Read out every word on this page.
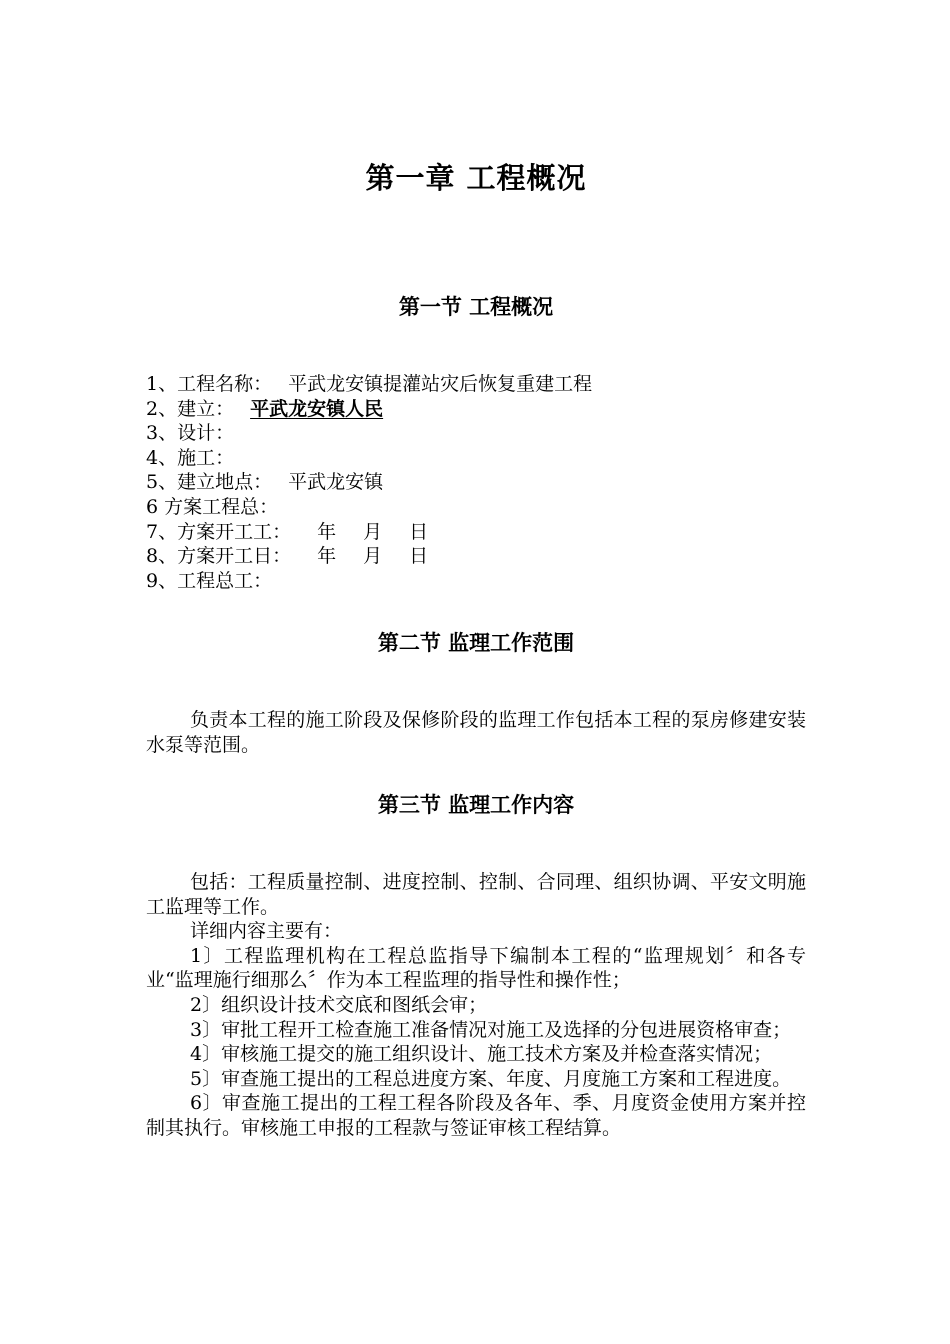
第一章 工程概况
第一节 工程概况
1、工程名称： 平武龙安镇提灌站灾后恢复重建工程
2、建立： 平武龙安镇人民
3、设计：
4、施工：
5、建立地点： 平武龙安镇
6 方案工程总：
7、方案开工工： 年 月 日
8、方案开工日： 年 月 日
9、工程总工：
第二节 监理工作范围

负责本工程的施工阶段及保修阶段的监理工作包括本工程的泵房修建安装水泵等范围。

第三节 监理工作内容

包括：工程质量控制、进度控制、控制、合同理、组织协调、平安文明施工监理等工作。

详细内容主要有：

1〕工程监理机构在工程总监指导下编制本工程的“监理规划〞和各专业“监理施行细那么〞作为本工程监理的指导性和操作性；

2〕组织设计技术交底和图纸会审；

3〕审批工程开工检查施工准备情况对施工及选择的分包进展资格审查；

4〕审核施工提交的施工组织设计、施工技术方案及并检查落实情况；

5〕审查施工提出的工程总进度方案、年度、月度施工方案和工程进度。

6〕审查施工提出的工程工程各阶段及各年、季、月度资金使用方案并控制其执行。审核施工申报的工程款与签证审核工程结算。
